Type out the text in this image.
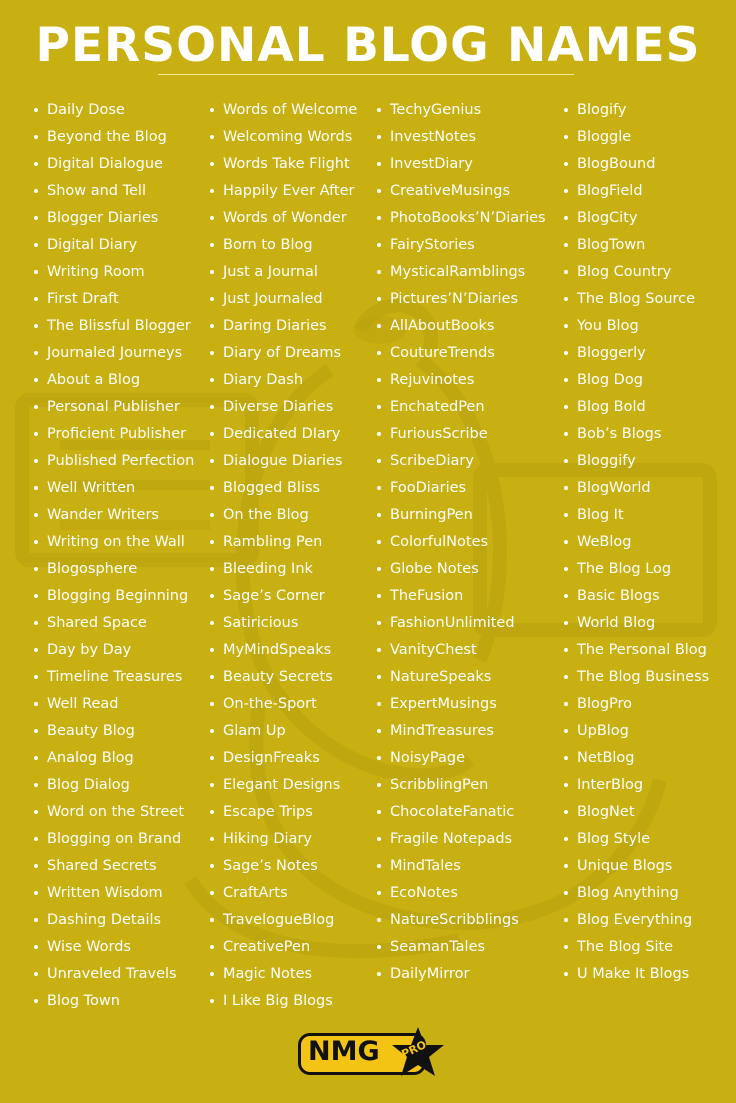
PERSONAL BLOG NAMES
Daily Dose
Beyond the Blog
Digital Dialogue
Show and Tell
Blogger Diaries
Digital Diary
Writing Room
First Draft
The Blissful Blogger
Journaled Journeys
About a Blog
Personal Publisher
Proficient Publisher
Published Perfection
Well Written
Wander Writers
Writing on the Wall
Blogosphere
Blogging Beginning
Shared Space
Day by Day
Timeline Treasures
Well Read
Beauty Blog
Analog Blog
Blog Dialog
Word on the Street
Blogging on Brand
Shared Secrets
Written Wisdom
Dashing Details
Wise Words
Unraveled Travels
Blog Town
Words of Welcome
Welcoming Words
Words Take Flight
Happily Ever After
Words of Wonder
Born to Blog
Just a Journal
Just Journaled
Daring Diaries
Diary of Dreams
Diary Dash
Diverse Diaries
Dedicated DIary
Dialogue Diaries
Blogged Bliss
On the Blog
Rambling Pen
Bleeding Ink
Sage’s Corner
Satiricious
MyMindSpeaks
Beauty Secrets
On-the-Sport
Glam Up
DesignFreaks
Elegant Designs
Escape Trips
Hiking Diary
Sage’s Notes
CraftArts
TravelogueBlog
CreativePen
Magic Notes
I Like Big Blogs
TechyGenius
InvestNotes
InvestDiary
CreativeMusings
PhotoBooks’N’Diaries
FairyStories
MysticalRamblings
Pictures’N’Diaries
AllAboutBooks
CoutureTrends
Rejuvinotes
EnchatedPen
FuriousScribe
ScribeDiary
FooDiaries
BurningPen
ColorfulNotes
Globe Notes
TheFusion
FashionUnlimited
VanityChest
NatureSpeaks
ExpertMusings
MindTreasures
NoisyPage
ScribblingPen
ChocolateFanatic
Fragile Notepads
MindTales
EcoNotes
NatureScribblings
SeamanTales
DailyMirror
Blogify
Bloggle
BlogBound
BlogField
BlogCity
BlogTown
Blog Country
The Blog Source
You Blog
Bloggerly
Blog Dog
Blog Bold
Bob’s Blogs
Bloggify
BlogWorld
Blog It
WeBlog
The Blog Log
Basic Blogs
World Blog
The Personal Blog
The Blog Business
BlogPro
UpBlog
NetBlog
InterBlog
BlogNet
Blog Style
Unique Blogs
Blog Anything
Blog Everything
The Blog Site
U Make It Blogs
NMG PRO
